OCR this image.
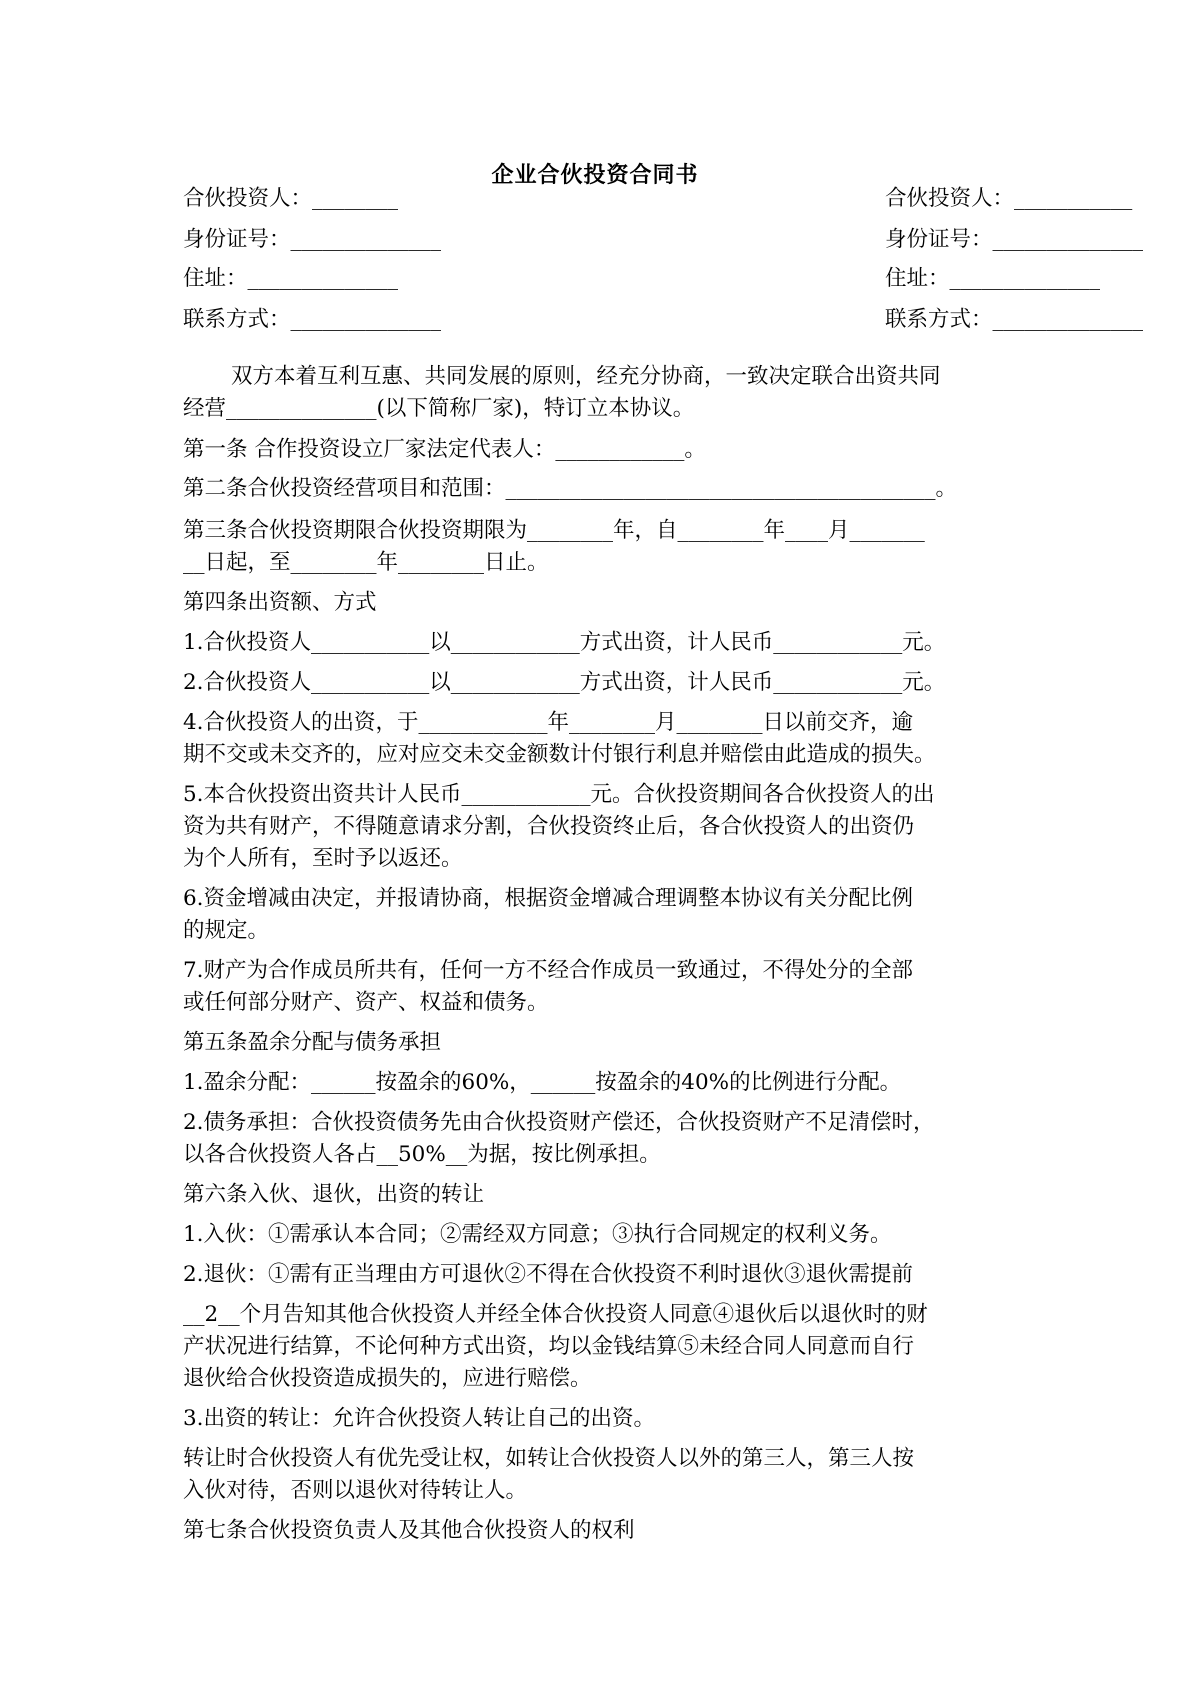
企业合伙投资合同书
合伙投资人：________	合伙投资人：___________
身份证号：______________	身份证号：______________
住址：______________	住址：______________
联系方式：______________	联系方式：______________
双方本着互利互惠、共同发展的原则，经充分协商，一致决定联合出资共同
经营______________(以下简称厂家)，特订立本协议。
第一条 合作投资设立厂家法定代表人：____________。
第二条合伙投资经营项目和范围：________________________________________。
第三条合伙投资期限合伙投资期限为________年，自________年____月_______
__日起，至________年________日止。
第四条出资额、方式
1.合伙投资人___________以____________方式出资，计人民币____________元。
2.合伙投资人___________以____________方式出资，计人民币____________元。
4.合伙投资人的出资，于____________年________月________日以前交齐，逾
期不交或未交齐的，应对应交未交金额数计付银行利息并赔偿由此造成的损失。
5.本合伙投资出资共计人民币____________元。合伙投资期间各合伙投资人的出
资为共有财产，不得随意请求分割，合伙投资终止后，各合伙投资人的出资仍
为个人所有，至时予以返还。
6.资金增减由决定，并报请协商，根据资金增减合理调整本协议有关分配比例
的规定。
7.财产为合作成员所共有，任何一方不经合作成员一致通过，不得处分的全部
或任何部分财产、资产、权益和债务。
第五条盈余分配与债务承担
1.盈余分配：______按盈余的60%，______按盈余的40%的比例进行分配。
2.债务承担：合伙投资债务先由合伙投资财产偿还，合伙投资财产不足清偿时，
以各合伙投资人各占__50%__为据，按比例承担。
第六条入伙、退伙，出资的转让
1.入伙：①需承认本合同；②需经双方同意；③执行合同规定的权利义务。
2.退伙：①需有正当理由方可退伙②不得在合伙投资不利时退伙③退伙需提前
__2__个月告知其他合伙投资人并经全体合伙投资人同意④退伙后以退伙时的财
产状况进行结算，不论何种方式出资，均以金钱结算⑤未经合同人同意而自行
退伙给合伙投资造成损失的，应进行赔偿。
3.出资的转让：允许合伙投资人转让自己的出资。
转让时合伙投资人有优先受让权，如转让合伙投资人以外的第三人，第三人按
入伙对待，否则以退伙对待转让人。
第七条合伙投资负责人及其他合伙投资人的权利
